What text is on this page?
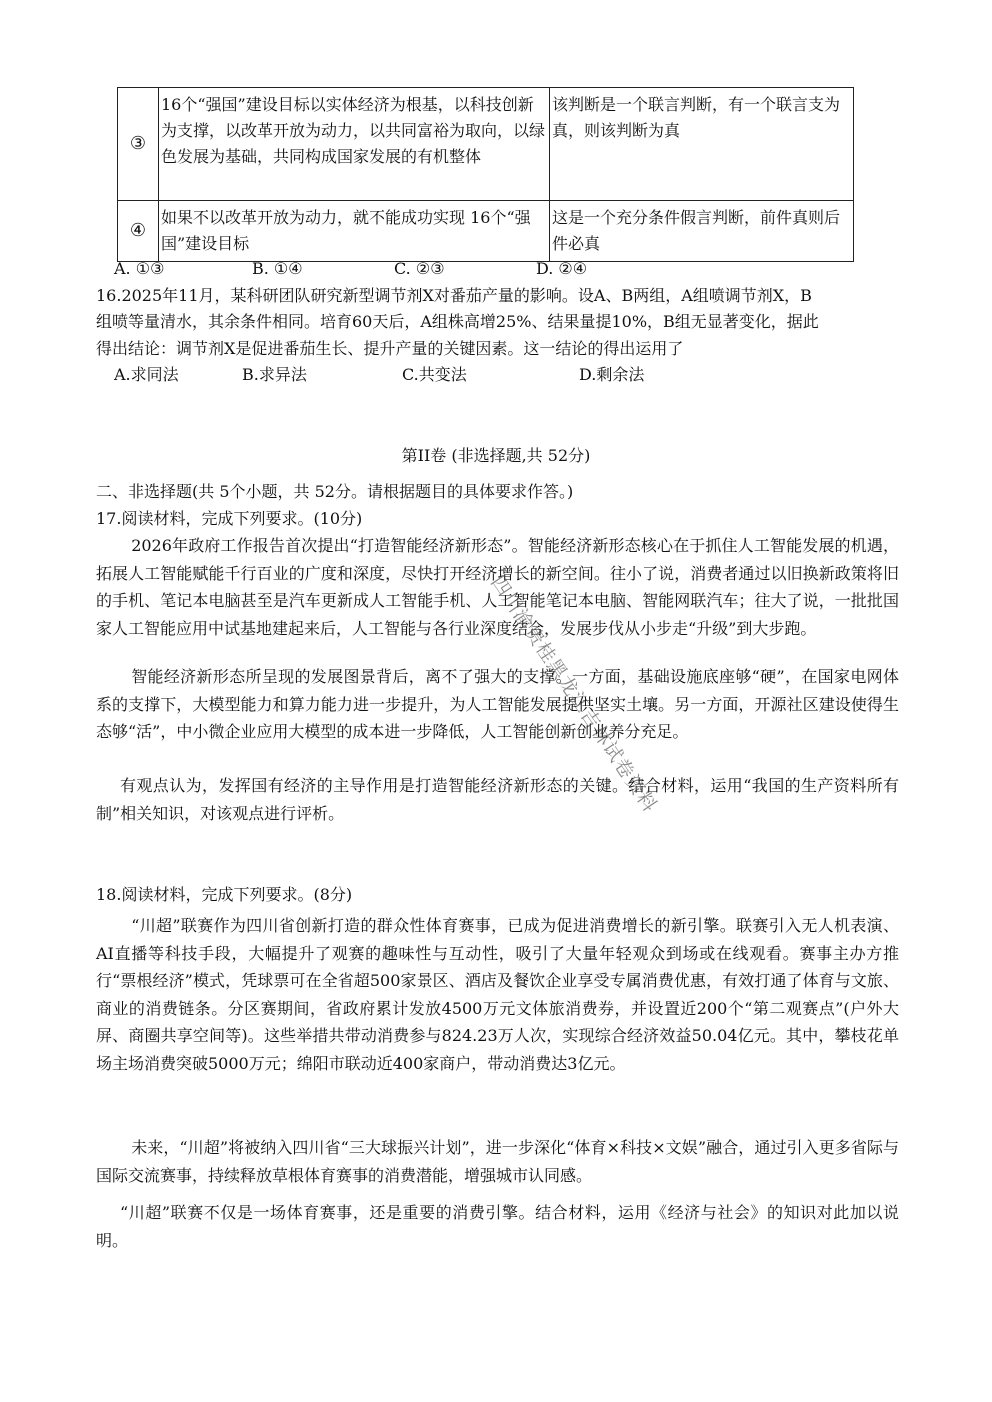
③	16个“强国”建设目标以实体经济为根基，以科技创新为支撑，以改革开放为动力，以共同富裕为取向，以绿色发展为基础，共同构成国家发展的有机整体	该判断是一个联言判断，有一个联言支为真，则该判断为真
④	如果不以改革开放为动力，就不能成功实现 16个“强国”建设目标	这是一个充分条件假言判断，前件真则后件必真
A. ①③	B. ①④	C. ②③	D. ②④
16.2025年11月，某科研团队研究新型调节剂X对番茄产量的影响。设A、B两组，A组喷调节剂X，B
组喷等量清水，其余条件相同。培育60天后，A组株高增25%、结果量提10%，B组无显著变化，据此
得出结论：调节剂X是促进番茄生长、提升产量的关键因素。这一结论的得出运用了
A.求同法	B.求异法	C.共变法	D.剩余法
第II卷 (非选择题,共 52分)
二、非选择题(共 5个小题，共 52分。请根据题目的具体要求作答。)
17.阅读材料，完成下列要求。(10分)
2026年政府工作报告首次提出“打造智能经济新形态”。智能经济新形态核心在于抓住人工智能发展的机遇，拓展人工智能赋能千行百业的广度和深度，尽快打开经济增长的新空间。往小了说，消费者通过以旧换新政策将旧的手机、笔记本电脑甚至是汽车更新成人工智能手机、人工智能笔记本电脑、智能网联汽车；往大了说，一批批国家人工智能应用中试基地建起来后，人工智能与各行业深度结合，发展步伐从小步走“升级”到大步跑。
智能经济新形态所呈现的发展图景背后，离不了强大的支撑。一方面，基础设施底座够“硬”，在国家电网体系的支撑下，大模型能力和算力能力进一步提升，为人工智能发展提供坚实土壤。另一方面，开源社区建设使得生态够“活”，中小微企业应用大模型的成本进一步降低，人工智能创新创业养分充足。
有观点认为，发挥国有经济的主导作用是打造智能经济新形态的关键。结合材料，运用“我国的生产资料所有制”相关知识，对该观点进行评析。
18.阅读材料，完成下列要求。(8分)
“川超”联赛作为四川省创新打造的群众性体育赛事，已成为促进消费增长的新引擎。联赛引入无人机表演、AI直播等科技手段，大幅提升了观赛的趣味性与互动性，吸引了大量年轻观众到场或在线观看。赛事主办方推行“票根经济”模式，凭球票可在全省超500家景区、酒店及餐饮企业享受专属消费优惠，有效打通了体育与文旅、商业的消费链条。分区赛期间，省政府累计发放4500万元文体旅消费券，并设置近200个“第二观赛点”(户外大屏、商圈共享空间等)。这些举措共带动消费参与824.23万人次，实现综合经济效益50.04亿元。其中，攀枝花单场主场消费突破5000万元；绵阳市联动近400家商户，带动消费达3亿元。
未来，“川超”将被纳入四川省“三大球振兴计划”，进一步深化“体育×科技×文娱”融合，通过引入更多省际与国际交流赛事，持续释放草根体育赛事的消费潜能，增强城市认同感。
“川超”联赛不仅是一场体育赛事，还是重要的消费引擎。结合材料，运用《经济与社会》的知识对此加以说明。
四川渝贵桂黑龙江吉林试卷资料
